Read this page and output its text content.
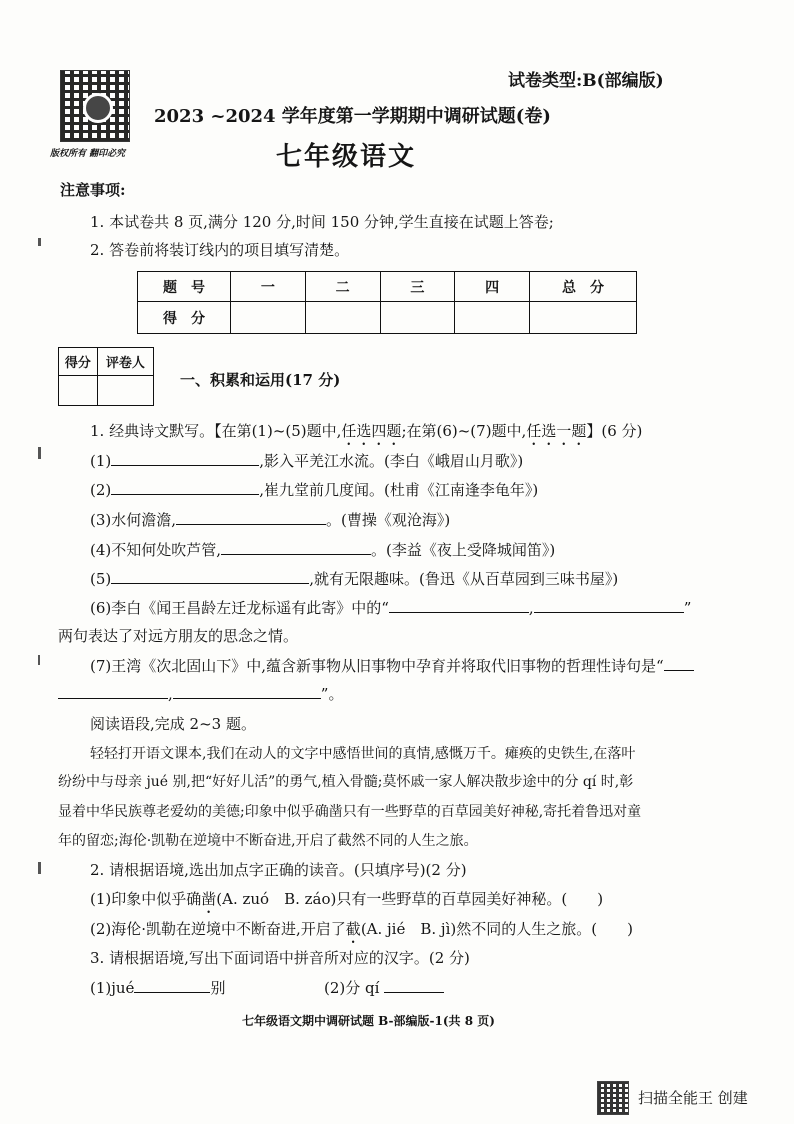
版权所有 翻印必究
试卷类型:B(部编版)
2023 ~2024 学年度第一学期期中调研试题(卷)
七年级语文
注意事项:
1. 本试卷共 8 页,满分 120 分,时间 150 分钟,学生直接在试题上答卷;
2. 答卷前将装订线内的项目填写清楚。
题　号	一	二	三	四	总　分
得　分					
得分	评卷人

一、积累和运用(17 分)
1. 经典诗文默写。【在第(1)~(5)题中,任选四题;在第(6)~(7)题中,任选一题】(6 分)
(1)	,影入平羌江水流。(李白《峨眉山月歌》)
(2)	,崔九堂前几度闻。(杜甫《江南逢李龟年》)
(3)水何澹澹,	。(曹操《观沧海》)
(4)不知何处吹芦管,	。(李益《夜上受降城闻笛》)
(5)	,就有无限趣味。(鲁迅《从百草园到三味书屋》)
(6)李白《闻王昌龄左迁龙标遥有此寄》中的“	,	”
两句表达了对远方朋友的思念之情。
(7)王湾《次北固山下》中,蕴含新事物从旧事物中孕育并将取代旧事物的哲理性诗句是“
,	”。
阅读语段,完成 2~3 题。
轻轻打开语文课本,我们在动人的文字中感悟世间的真情,感慨万千。瘫痪的史铁生,在落叶
纷纷中与母亲 jué 别,把“好好儿活”的勇气,植入骨髓;莫怀戚一家人解决散步途中的分 qí 时,彰
显着中华民族尊老爱幼的美德;印象中似乎确凿只有一些野草的百草园美好神秘,寄托着鲁迅对童
年的留恋;海伦·凯勒在逆境中不断奋进,开启了截然不同的人生之旅。
2. 请根据语境,选出加点字正确的读音。(只填序号)(2 分)
(1)印象中似乎确凿(A. zuó　B. záo)只有一些野草的百草园美好神秘。(　　)
(2)海伦·凯勒在逆境中不断奋进,开启了截(A. jié　B. jì)然不同的人生之旅。(　　)
3. 请根据语境,写出下面词语中拼音所对应的汉字。(2 分)
(1)jué	别	(2)分 qí
七年级语文期中调研试题 B-部编版-1(共 8 页)
扫描全能王 创建
